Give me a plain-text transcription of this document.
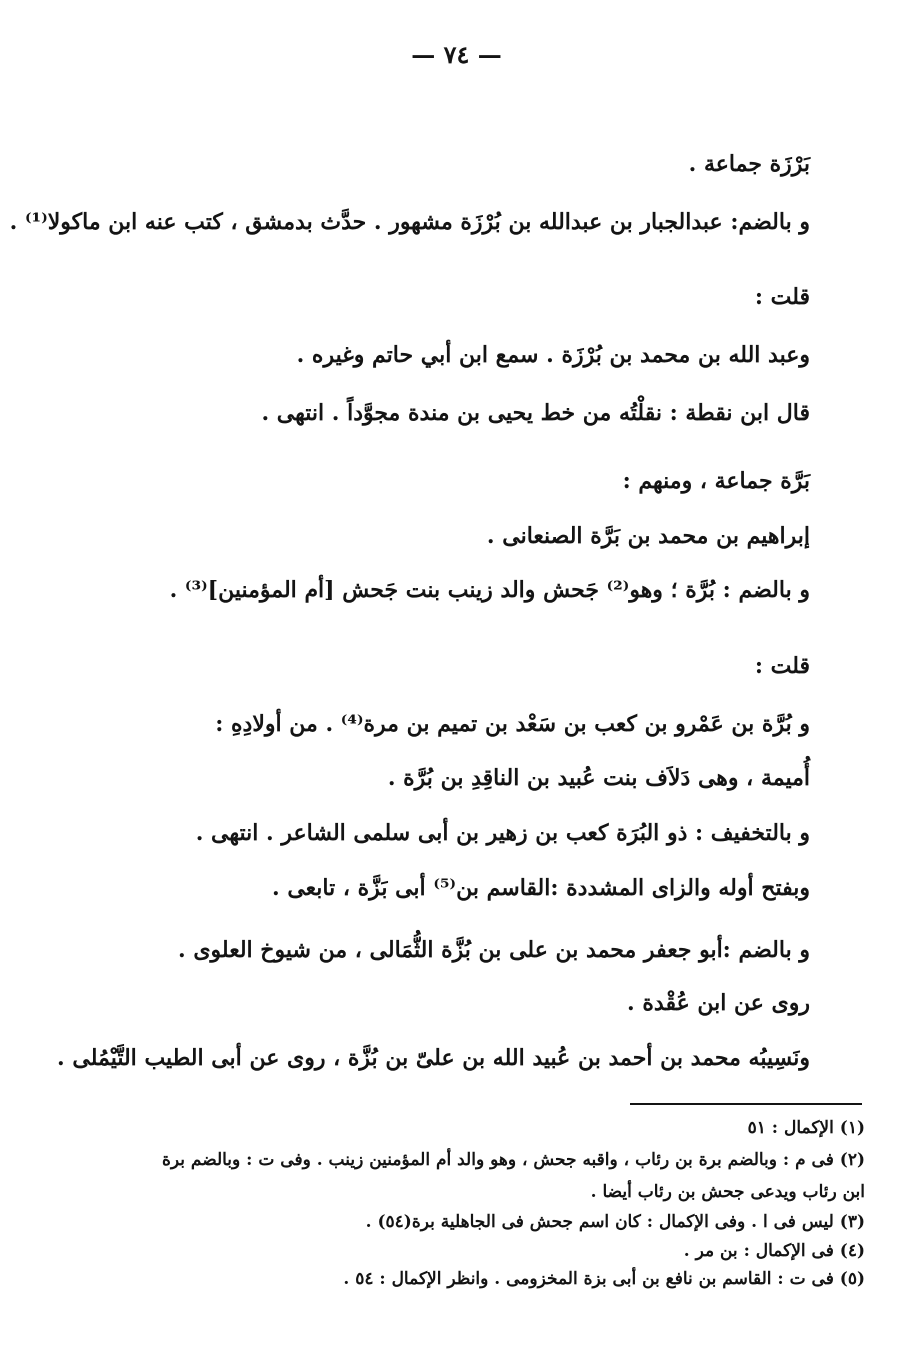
— ٧٤ —
بَرْزَة جماعة .
و بالضم: عبدالجبار بن عبدالله بن بُرْزَة مشهور . حدَّث بدمشق ، كتب عنه ابن ماكولا⁽¹⁾ .
قلت :
وعبد الله بن محمد بن بُرْزَة . سمع ابن أبي حاتم وغيره .
قال ابن نقطة : نقلْتُه من خط يحيى بن مندة مجوَّداً . انتهى .
بَرَّة جماعة ، ومنهم :
إبراهيم بن محمد بن بَرَّة الصنعانى .
و بالضم : بُرَّة ؛ وهو⁽²⁾ جَحش والد زينب بنت جَحش [أم المؤمنين]⁽³⁾ .
قلت :
و بُرَّة بن عَمْرو بن كعب بن سَعْد بن تميم بن مرة⁽⁴⁾ . من أولادِهِ :
أُميمة ، وهى دَلاَف بنت عُبيد بن الناقِدِ بن بُرَّة .
و بالتخفيف : ذو البُرَة كعب بن زهير بن أبى سلمى الشاعر . انتهى .
وبفتح أوله والزاى المشددة :القاسم بن⁽⁵⁾ أبى بَزَّة ، تابعى .
و بالضم :أبو جعفر محمد بن على بن بُزَّة الثُّمَالى ، من شيوخ العلوى .
روى عن ابن عُقْدة .
ونَسِيبُه محمد بن أحمد بن عُبيد الله بن علىّ بن بُزَّة ، روى عن أبى الطيب التَّيْمُلى .
(١) الإكمال : ٥١
(٢) فى م : وبالضم برة بن رئاب ، واقبه جحش ، وهو والد أم المؤمنين زينب . وفى ت : وبالضم برة
ابن رئاب ويدعى جحش بن رئاب أيضا .
(٣) ليس فى ا . وفى الإكمال : كان اسم جحش فى الجاهلية برة(٥٤) .
(٤) فى الإكمال : بن مر .
(٥) فى ت : القاسم بن نافع بن أبى بزة المخزومى . وانظر الإكمال : ٥٤ .
